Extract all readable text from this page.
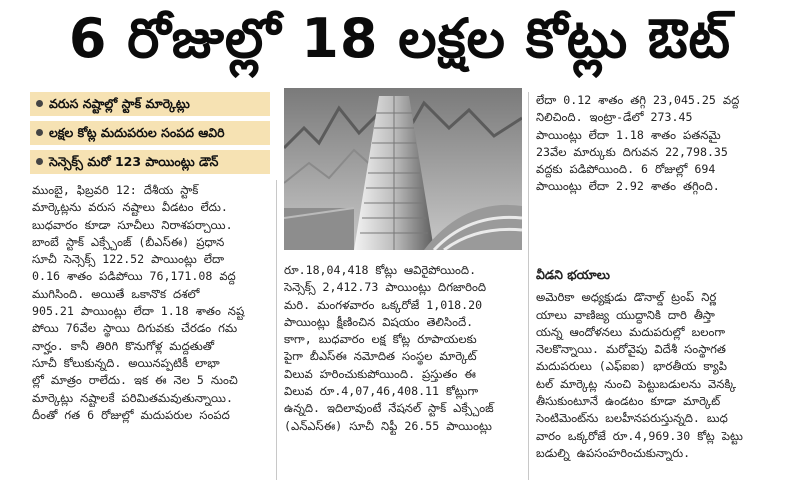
6 రోజుల్లో 18 లక్షల కోట్లు ఔట్
వరుస నష్టాల్లో స్టాక్ మార్కెట్లు
లక్షల కోట్ల మదుపరుల సంపద ఆవిరి
సెన్సెక్స్ మరో 123 పాయింట్లు డౌన్

ముంబై, ఫిబ్రవరి 12: దేశీయ స్టాక్

మార్కెట్లను వరుస నష్టాలు వీడటం లేదు.

బుధవారం కూడా సూచీలు నిరాశపర్చాయి.

బాంబే స్టాక్ ఎక్స్చేంజ్ (బీఎస్ఈ) ప్రధాన

సూచీ సెన్సెక్స్ 122.52 పాయింట్లు లేదా

0.16 శాతం పడిపోయి 76,171.08 వద్ద

ముగిసింది. అయితే ఒకానొక దశలో

905.21 పాయింట్లు లేదా 1.18 శాతం నష్ట

పోయి 76వేల స్థాయి దిగువకు చేరడం గమ

నార్హం. కానీ తిరిగి కొనుగోళ్ల మద్దతుతో

సూచీ కోలుకున్నది. అయినప్పటికీ లాభా

ల్లో మాత్రం రాలేదు. ఇక ఈ నెల 5 నుంచి

మార్కెట్లు నష్టాలకే పరిమితమవుతున్నాయి.

దీంతో గత 6 రోజుల్లో మదుపరుల సంపద

రూ.18,04,418 కోట్లు ఆవిరైపోయింది.

సెన్సెక్స్ 2,412.73 పాయింట్లు దిగజారింది

మరి. మంగళవారం ఒక్కరోజే 1,018.20

పాయింట్లు క్షీణించిన విషయం తెలిసిందే.

కాగా, బుధవారం లక్ష కోట్ల రూపాయలకు

పైగా బీఎస్ఈ నమోదిత సంస్థల మార్కెట్

విలువ హరించుకుపోయింది. ప్రస్తుతం ఈ

విలువ రూ.4,07,46,408.11 కోట్లుగా

ఉన్నది. ఇదిలావుంటే నేషనల్ స్టాక్ ఎక్స్చేంజ్

(ఎన్ఎస్ఈ) సూచీ నిఫ్టీ 26.55 పాయింట్లు

లేదా 0.12 శాతం తగ్గి 23,045.25 వద్ద

నిలిచింది. ఇంట్రా-డేలో 273.45

పాయింట్లు లేదా 1.18 శాతం పతనమై

23వేల మార్కుకు దిగువన 22,798.35

వద్దకు పడిపోయింది. 6 రోజుల్లో 694

పాయింట్లు లేదా 2.92 శాతం తగ్గింది.

వీడని భయాలు

అమెరికా అధ్యక్షుడు డొనాల్డ్ ట్రంప్ నిర్ణ

యాలు వాణిజ్య యుద్ధానికి దారి తీస్తా

యన్న ఆందోళనలు మదుపరుల్లో బలంగా

నెలకొన్నాయి. మరోవైపు విదేశీ సంస్థాగత

మదుపరులు (ఎఫ్ఐఐ) భారతీయ క్యాపి

టల్ మార్కెట్ల నుంచి పెట్టుబడులను వెనక్కి

తీసుకుంటూనే ఉండటం కూడా మార్కెట్

సెంటిమెంట్‌ను బలహీనపరుస్తున్నది. బుధ

వారం ఒక్కరోజే రూ.4,969.30 కోట్ల పెట్టు

బడుల్ని ఉపసంహరించుకున్నారు.
